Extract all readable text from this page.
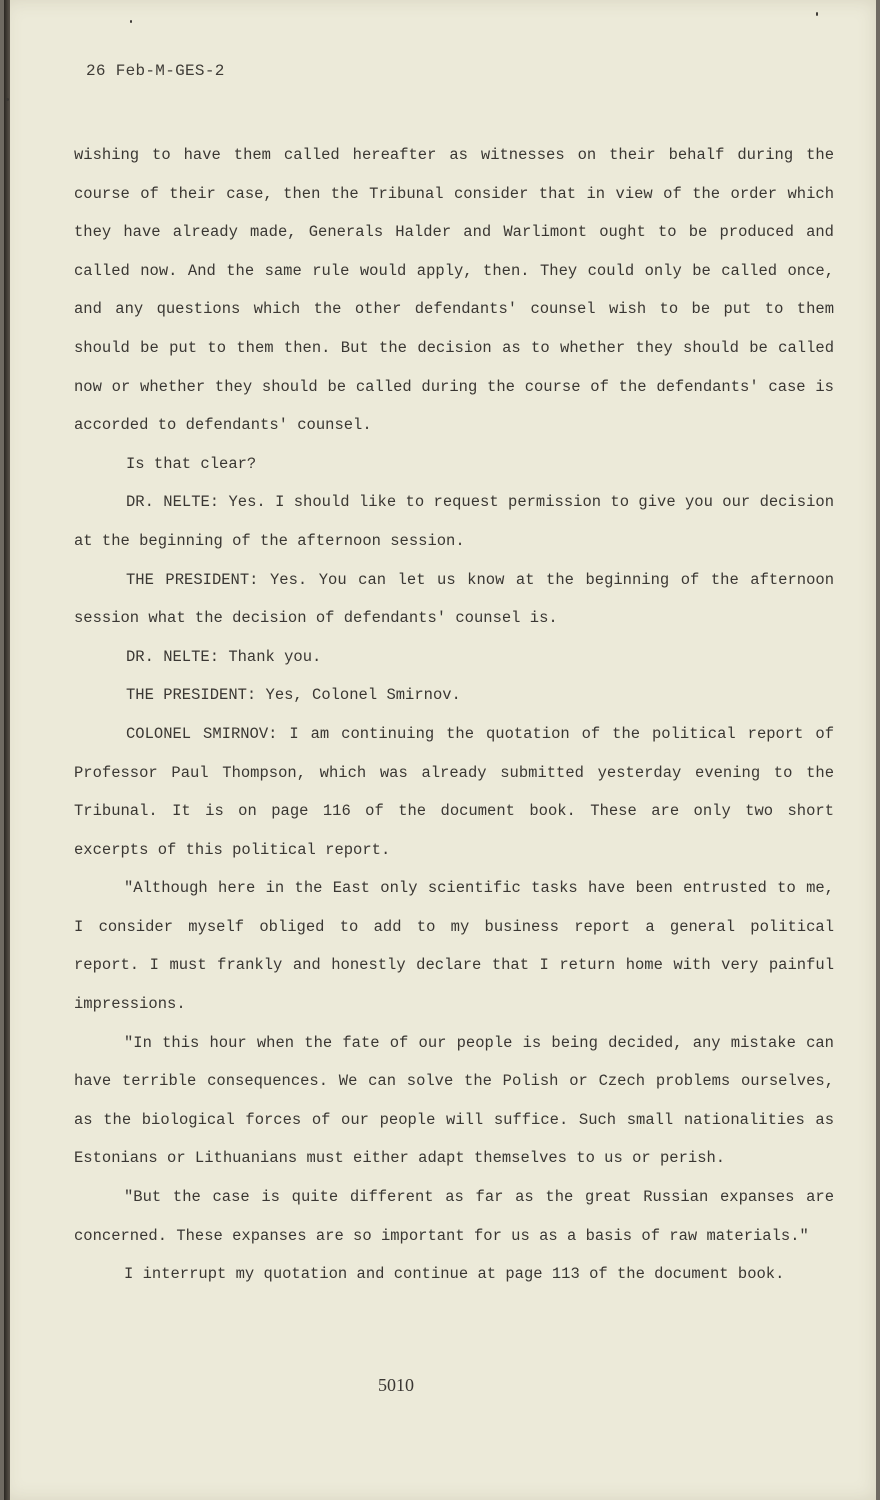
26 Feb-M-GES-2

wishing to have them called hereafter as witnesses on their behalf during the course of their case, then the Tribunal consider that in view of the order which they have already made, Generals Halder and Warlimont ought to be produced and called now. And the same rule would apply, then. They could only be called once, and any questions which the other defendants' counsel wish to be put to them should be put to them then. But the decision as to whether they should be called now or whether they should be called during the course of the defendants' case is accorded to defendants' counsel.

Is that clear?

DR. NELTE: Yes. I should like to request permission to give you our decision at the beginning of the afternoon session.

THE PRESIDENT: Yes. You can let us know at the beginning of the afternoon session what the decision of defendants' counsel is.

DR. NELTE: Thank you.

THE PRESIDENT: Yes, Colonel Smirnov.

COLONEL SMIRNOV: I am continuing the quotation of the political report of Professor Paul Thompson, which was already submitted yesterday evening to the Tribunal. It is on page 116 of the document book. These are only two short excerpts of this political report.

"Although here in the East only scientific tasks have been entrusted to me, I consider myself obliged to add to my business report a general political report. I must frankly and honestly declare that I return home with very painful impressions.

"In this hour when the fate of our people is being decided, any mistake can have terrible consequences. We can solve the Polish or Czech problems ourselves, as the biological forces of our people will suffice. Such small nationalities as Estonians or Lithuanians must either adapt themselves to us or perish.

"But the case is quite different as far as the great Russian expanses are concerned. These expanses are so important for us as a basis of raw materials."

I interrupt my quotation and continue at page 113 of the document book.

5010
